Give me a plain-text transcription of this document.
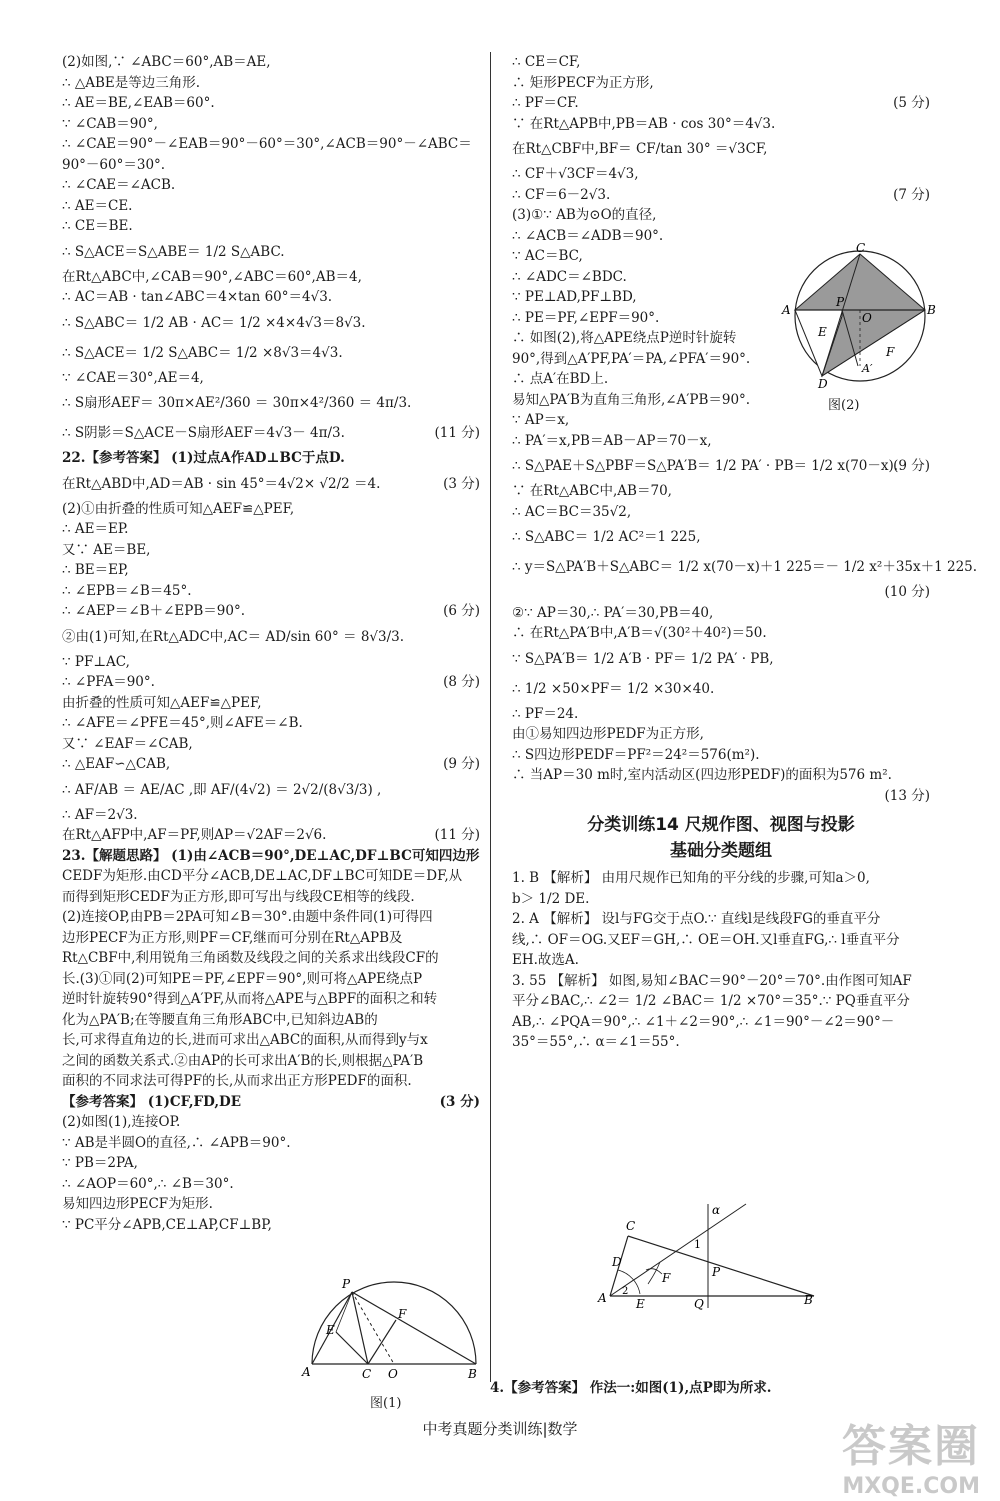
(2)如图,∵ ∠ABC＝60°,AB＝AE,
∴ △ABE是等边三角形.
∴ AE＝BE,∠EAB＝60°.
∵ ∠CAB＝90°,
∴ ∠CAE＝90°－∠EAB＝90°－60°＝30°,∠ACB＝90°－∠ABC＝
90°－60°＝30°.
∴ ∠CAE＝∠ACB.
∴ AE＝CE.
∴ CE＝BE.
∴ S△ACE＝S△ABE＝ 1/2 S△ABC.
在Rt△ABC中,∠CAB＝90°,∠ABC＝60°,AB＝4,
∴ AC＝AB · tan∠ABC＝4×tan 60°＝4√3.
∴ S△ABC＝ 1/2 AB · AC＝ 1/2 ×4×4√3＝8√3.
∴ S△ACE＝ 1/2 S△ABC＝ 1/2 ×8√3＝4√3.
∵ ∠CAE＝30°,AE＝4,
∴ S扇形AEF＝ 30π×AE²/360 ＝ 30π×4²/360 ＝ 4π/3.
∴ S阴影＝S△ACE－S扇形AEF＝4√3－ 4π/3.	(11 分)
22.【参考答案】 (1)过点A作AD⊥BC于点D.
在Rt△ABD中,AD＝AB · sin 45°＝4√2× √2/2 ＝4.	(3 分)
(2)①由折叠的性质可知△AEF≌△PEF,
∴ AE＝EP.
又∵ AE＝BE,
∴ BE＝EP,
∴ ∠EPB＝∠B＝45°.
∴ ∠AEP＝∠B＋∠EPB＝90°.	(6 分)
②由(1)可知,在Rt△ADC中,AC＝ AD/sin 60° ＝ 8√3/3.
∵ PF⊥AC,
∴ ∠PFA＝90°.	(8 分)
由折叠的性质可知△AEF≌△PEF,
∴ ∠AFE＝∠PFE＝45°,则∠AFE＝∠B.
又∵ ∠EAF＝∠CAB,
∴ △EAF∽△CAB,	(9 分)
∴ AF/AB ＝ AE/AC ,即 AF/(4√2) ＝ 2√2/(8√3/3) ,
∴ AF＝2√3.
在Rt△AFP中,AF＝PF,则AP＝√2AF＝2√6.	(11 分)
23.【解题思路】 (1)由∠ACB＝90°,DE⊥AC,DF⊥BC可知四边形
CEDF为矩形.由CD平分∠ACB,DE⊥AC,DF⊥BC可知DE＝DF,从
而得到矩形CEDF为正方形,即可写出与线段CE相等的线段.
(2)连接OP,由PB＝2PA可知∠B＝30°.由题中条件同(1)可得四
边形PECF为正方形,则PF＝CF,继而可分别在Rt△APB及
Rt△CBF中,利用锐角三角函数及线段之间的关系求出线段CF的
长.(3)①同(2)可知PE＝PF,∠EPF＝90°,则可将△APE绕点P
逆时针旋转90°得到△A′PF,从而将△APE与△BPF的面积之和转
化为△PA′B;在等腰直角三角形ABC中,已知斜边AB的
长,可求得直角边的长,进而可求出△ABC的面积,从而得到y与x
之间的函数关系式.②由AP的长可求出A′B的长,则根据△PA′B
面积的不同求法可得PF的长,从而求出正方形PEDF的面积.
【参考答案】 (1)CF,FD,DE	(3 分)
(2)如图(1),连接OP.
∵ AB是半圆O的直径,∴ ∠APB＝90°.
∵ PB＝2PA,
∴ ∠AOP＝60°,∴ ∠B＝30°.
易知四边形PECF为矩形.
∵ PC平分∠APB,CE⊥AP,CF⊥BP,
∴ CE＝CF,
∴ 矩形PECF为正方形,
∴ PF＝CF.	(5 分)
∵ 在Rt△APB中,PB＝AB · cos 30°＝4√3.
在Rt△CBF中,BF＝ CF/tan 30° ＝√3CF,
∴ CF＋√3CF＝4√3,
∴ CF＝6－2√3.	(7 分)
(3)①∵ AB为⊙O的直径,
∴ ∠ACB＝∠ADB＝90°.
∵ AC＝BC,
∴ ∠ADC＝∠BDC.
∵ PE⊥AD,PF⊥BD,
∴ PE＝PF,∠EPF＝90°.
∴ 如图(2),将△APE绕点P逆时针旋转
90°,得到△A′PF,PA′＝PA,∠PFA′＝90°.
∴ 点A′在BD上.
易知△PA′B为直角三角形,∠A′PB＝90°.
∵ AP＝x,
∴ PA′＝x,PB＝AB－AP＝70－x,
∴ S△PAE＋S△PBF＝S△PA′B＝ 1/2 PA′ · PB＝ 1/2 x(70－x).
(9 分)
∵ 在Rt△ABC中,AB＝70,
∴ AC＝BC＝35√2,
∴ S△ABC＝ 1/2 AC²＝1 225,
∴ y＝S△PA′B＋S△ABC＝ 1/2 x(70－x)＋1 225＝－ 1/2 x²＋35x＋1 225.
(10 分)
②∵ AP＝30,∴ PA′＝30,PB＝40,
∴ 在Rt△PA′B中,A′B＝√(30²＋40²)＝50.
∵ S△PA′B＝ 1/2 A′B · PF＝ 1/2 PA′ · PB,
∴ 1/2 ×50×PF＝ 1/2 ×30×40.
∴ PF＝24.
由①易知四边形PEDF为正方形,
∴ S四边形PEDF＝PF²＝24²＝576(m²).
∴ 当AP＝30 m时,室内活动区(四边形PEDF)的面积为576 m².
(13 分)
分类训练14 尺规作图、视图与投影
基础分类题组
1. B 【解析】 由用尺规作已知角的平分线的步骤,可知a＞0,
b＞ 1/2 DE.
2. A 【解析】 设l与FG交于点O.∵ 直线l是线段FG的垂直平分
线,∴ OF＝OG.又EF＝GH,∴ OE＝OH.又l垂直FG,∴ l垂直平分
EH.故选A.
3. 55 【解析】 如图,易知∠BAC＝90°－20°＝70°.由作图可知AF
平分∠BAC,∴ ∠2＝ 1/2 ∠BAC＝ 1/2 ×70°＝35°.∵ PQ垂直平分
AB,∴ ∠PQA＝90°,∴ ∠1＋∠2＝90°,∴ ∠1＝90°－∠2＝90°－
35°＝55°,∴ α＝∠1＝55°.
P
F
E
A	C O	B
图(1)
C
P
O
A	B
E
F
D
A′
图(2)
C
α
1
D
F	P
A 2
E	Q	B
4.【参考答案】 作法一:如图(1),点P即为所求.
中考真题分类训练|数学	答案圈
MXQE.COM
